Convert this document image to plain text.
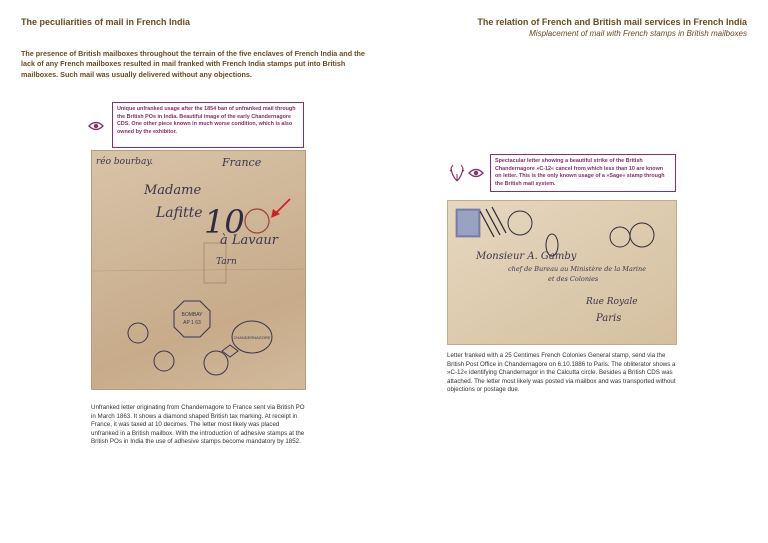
The peculiarities of mail in French India	The relation of French and British mail services in French India
Misplacement of mail with French stamps in British mailboxes
The presence of British mailboxes throughout the terrain of the five enclaves of French India and the lack of any French mailboxes resulted in mail franked with French India stamps put into British mailboxes. Such mail was usually delivered without any objections.
Unique unfranked usage after the 1854 ban of unfranked mail through the British POs in India. Beautiful image of the early Chandernagore CDS. One other piece known in much worse condition, which is also owned by the exhibitor.
10
BOMBAY
AP 1 63
CHANDERNAGORE
réo bourbay.	France
Madame
Lafitte
à Lavaur
Tarn
Unfranked letter originating from Chandernagore to France sent via British PO in March 1863. It shows a diamond shaped British tax marking. At receipt in France, it was taxed at 10 decimes. The letter most likely was placed unfranked in a British mailbox. With the introduction of adhesive stamps at the British POs in India the use of adhesive stamps become mandatory by 1852.
Spectacular letter showing a beautiful strike of the British Chandernagore »C-12« cancel from which less than 10 are known on letter. This is the only known usage of a »Sage« stamp through the British mail system.
Monsieur A. Gamby
chef de Bureau au Ministère de la Marine
et des Colonies
Rue Royale
Paris
Letter franked with a 25 Centimes French Colonies General stamp, send via the British Post Office in Chandernagore on 6.10.1886 to Paris. The obliterator shows a »C-12« identifying Chandernagor in the Calcutta circle. Besides a British CDS was attached. The letter most likely was posted via mailbox and was transported without objections or postage due.
